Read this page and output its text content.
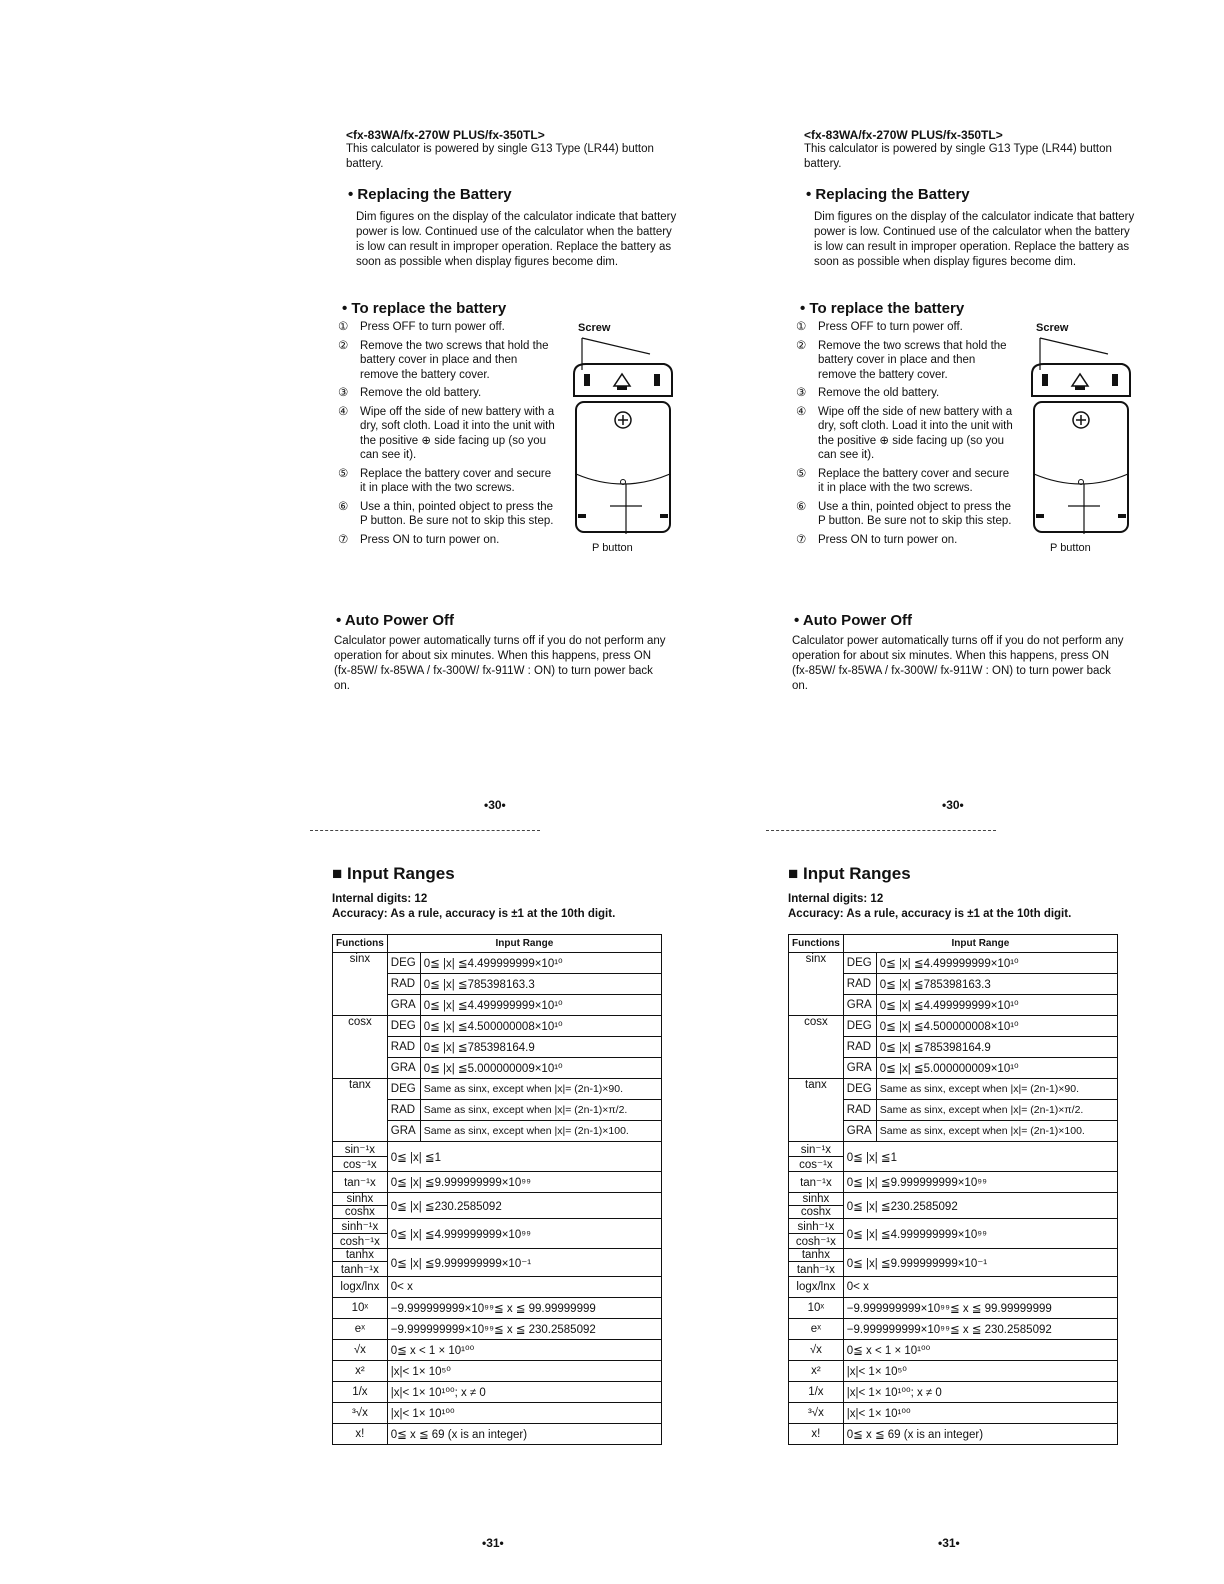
<fx-83WA/fx-270W PLUS/fx-350TL>
This calculator is powered by single G13 Type (LR44) button battery.
• Replacing the Battery
Dim figures on the display of the calculator indicate that battery power is low. Continued use of the calculator when the battery is low can result in improper operation. Replace the battery as soon as possible when display figures become dim.
• To replace the battery
① Press OFF to turn power off.
② Remove the two screws that hold the battery cover in place and then remove the battery cover.
③ Remove the old battery.
④ Wipe off the side of new battery with a dry, soft cloth. Load it into the unit with the positive ⊕ side facing up (so you can see it).
⑤ Replace the battery cover and secure it in place with the two screws.
⑥ Use a thin, pointed object to press the P button. Be sure not to skip this step.
⑦ Press ON to turn power on.
Screw
P button
• Auto Power Off
Calculator power automatically turns off if you do not perform any operation for about six minutes. When this happens, press ON (fx-85W/ fx-85WA / fx-300W/ fx-911W : ON) to turn power back on.
•30•
<fx-83WA/fx-270W PLUS/fx-350TL>
This calculator is powered by single G13 Type (LR44) button battery.
• Replacing the Battery
Dim figures on the display of the calculator indicate that battery power is low. Continued use of the calculator when the battery is low can result in improper operation. Replace the battery as soon as possible when display figures become dim.
• To replace the battery
① Press OFF to turn power off.
② Remove the two screws that hold the battery cover in place and then remove the battery cover.
③ Remove the old battery.
④ Wipe off the side of new battery with a dry, soft cloth. Load it into the unit with the positive ⊕ side facing up (so you can see it).
⑤ Replace the battery cover and secure it in place with the two screws.
⑥ Use a thin, pointed object to press the P button. Be sure not to skip this step.
⑦ Press ON to turn power on.
Screw
P button
• Auto Power Off
Calculator power automatically turns off if you do not perform any operation for about six minutes. When this happens, press ON (fx-85W/ fx-85WA / fx-300W/ fx-911W : ON) to turn power back on.
•30•
■ Input Ranges
Internal digits: 12
Accuracy: As a rule, accuracy is ±1 at the 10th digit.
Functions	Input Range	
sinx	DEG	0≦ |x| ≦4.499999999×10¹⁰
	RAD	0≦ |x| ≦785398163.3
	GRA	0≦ |x| ≦4.499999999×10¹⁰
cosx	DEG	0≦ |x| ≦4.500000008×10¹⁰
	RAD	0≦ |x| ≦785398164.9
	GRA	0≦ |x| ≦5.000000009×10¹⁰
tanx	DEG	Same as sinx, except when |x|= (2n-1)×90.
	RAD	Same as sinx, except when |x|= (2n-1)×π/2.
	GRA	Same as sinx, except when |x|= (2n-1)×100.

sin⁻¹x
cos⁻¹x	0≦ |x| ≦1	

tan⁻¹x	0≦ |x| ≦9.999999999×10⁹⁹	

sinhx
coshx	0≦ |x| ≦230.2585092	

sinh⁻¹x
cosh⁻¹x	0≦ |x| ≦4.999999999×10⁹⁹	

tanhx
tanh⁻¹x	0≦ |x| ≦9.999999999×10⁻¹	

logx/lnx	0< x	

10ˣ	−9.999999999×10⁹⁹≦ x ≦ 99.99999999	

eˣ	−9.999999999×10⁹⁹≦ x ≦ 230.2585092	

√x	0≦ x < 1 × 10¹⁰⁰	

x²	|x|< 1× 10⁵⁰	

1/x	|x|< 1× 10¹⁰⁰; x ≠ 0	

³√x	|x|< 1× 10¹⁰⁰	

x!	0≦ x ≦ 69 (x is an integer)	
•31•
■ Input Ranges
Internal digits: 12
Accuracy: As a rule, accuracy is ±1 at the 10th digit.
Functions	Input Range	
sinx	DEG	0≦ |x| ≦4.499999999×10¹⁰
	RAD	0≦ |x| ≦785398163.3
	GRA	0≦ |x| ≦4.499999999×10¹⁰
cosx	DEG	0≦ |x| ≦4.500000008×10¹⁰
	RAD	0≦ |x| ≦785398164.9
	GRA	0≦ |x| ≦5.000000009×10¹⁰
tanx	DEG	Same as sinx, except when |x|= (2n-1)×90.
	RAD	Same as sinx, except when |x|= (2n-1)×π/2.
	GRA	Same as sinx, except when |x|= (2n-1)×100.

sin⁻¹x
cos⁻¹x	0≦ |x| ≦1	

tan⁻¹x	0≦ |x| ≦9.999999999×10⁹⁹	

sinhx
coshx	0≦ |x| ≦230.2585092	

sinh⁻¹x
cosh⁻¹x	0≦ |x| ≦4.999999999×10⁹⁹	

tanhx
tanh⁻¹x	0≦ |x| ≦9.999999999×10⁻¹	

logx/lnx	0< x	

10ˣ	−9.999999999×10⁹⁹≦ x ≦ 99.99999999	

eˣ	−9.999999999×10⁹⁹≦ x ≦ 230.2585092	

√x	0≦ x < 1 × 10¹⁰⁰	

x²	|x|< 1× 10⁵⁰	

1/x	|x|< 1× 10¹⁰⁰; x ≠ 0	

³√x	|x|< 1× 10¹⁰⁰	

x!	0≦ x ≦ 69 (x is an integer)	
•31•
